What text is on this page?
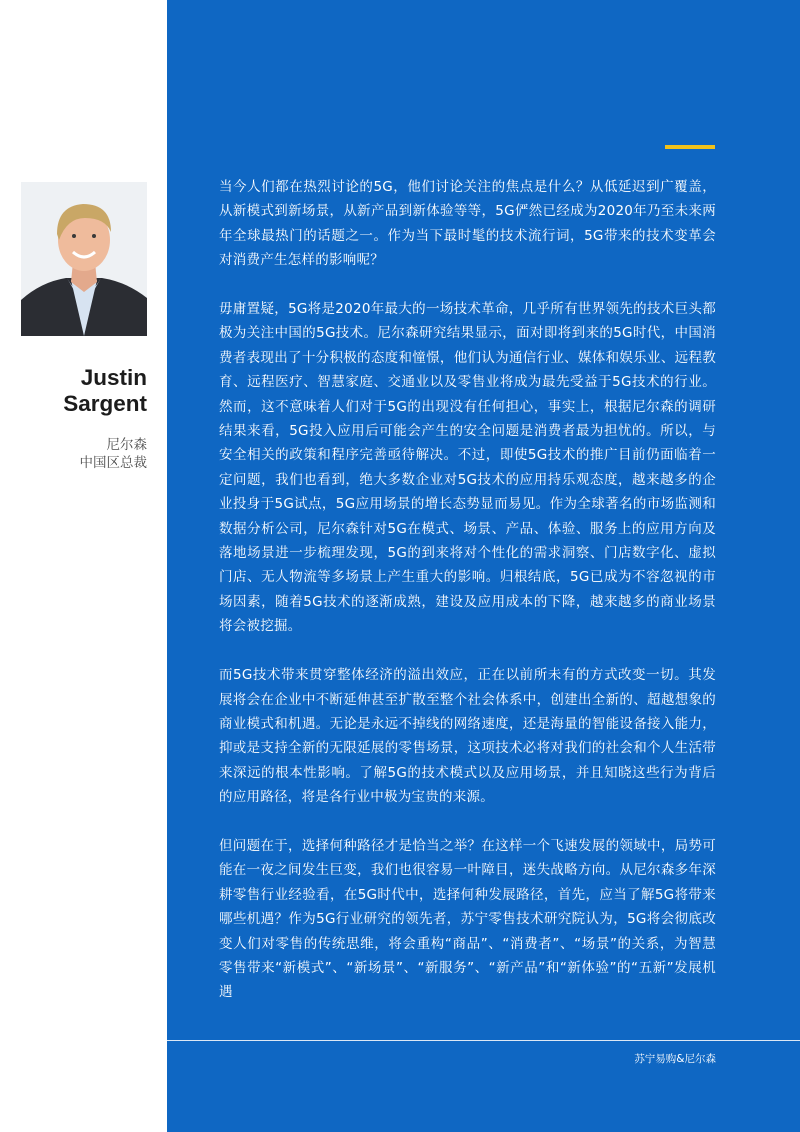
Justin
Sargent
尼尔森
中国区总裁

当今人们都在热烈讨论的5G，他们讨论关注的焦点是什么？从低延迟到广覆盖，从新模式到新场景，从新产品到新体验等等，5G俨然已经成为2020年乃至未来两年全球最热门的话题之一。作为当下最时髦的技术流行词，5G带来的技术变革会对消费产生怎样的影响呢？

毋庸置疑，5G将是2020年最大的一场技术革命，几乎所有世界领先的技术巨头都极为关注中国的5G技术。尼尔森研究结果显示，面对即将到来的5G时代，中国消费者表现出了十分积极的态度和憧憬，他们认为通信行业、媒体和娱乐业、远程教育、远程医疗、智慧家庭、交通业以及零售业将成为最先受益于5G技术的行业。然而，这不意味着人们对于5G的出现没有任何担心，事实上，根据尼尔森的调研结果来看，5G投入应用后可能会产生的安全问题是消费者最为担忧的。所以，与安全相关的政策和程序完善亟待解决。不过，即使5G技术的推广目前仍面临着一定问题，我们也看到，绝大多数企业对5G技术的应用持乐观态度，越来越多的企业投身于5G试点，5G应用场景的增长态势显而易见。作为全球著名的市场监测和数据分析公司，尼尔森针对5G在模式、场景、产品、体验、服务上的应用方向及落地场景进一步梳理发现，5G的到来将对个性化的需求洞察、门店数字化、虚拟门店、无人物流等多场景上产生重大的影响。归根结底，5G已成为不容忽视的市场因素，随着5G技术的逐渐成熟，建设及应用成本的下降，越来越多的商业场景将会被挖掘。

而5G技术带来贯穿整体经济的溢出效应，正在以前所未有的方式改变一切。其发展将会在企业中不断延伸甚至扩散至整个社会体系中，创建出全新的、超越想象的商业模式和机遇。无论是永远不掉线的网络速度，还是海量的智能设备接入能力，抑或是支持全新的无限延展的零售场景，这项技术必将对我们的社会和个人生活带来深远的根本性影响。了解5G的技术模式以及应用场景，并且知晓这些行为背后的应用路径，将是各行业中极为宝贵的来源。

但问题在于，选择何种路径才是恰当之举？在这样一个飞速发展的领域中，局势可能在一夜之间发生巨变，我们也很容易一叶障目，迷失战略方向。从尼尔森多年深耕零售行业经验看，在5G时代中，选择何种发展路径，首先，应当了解5G将带来哪些机遇？作为5G行业研究的领先者，苏宁零售技术研究院认为，5G将会彻底改变人们对零售的传统思维，将会重构“商品”、“消费者”、“场景”的关系，为智慧零售带来“新模式”、“新场景”、“新服务”、“新产品”和“新体验”的“五新”发展机遇

苏宁易购&尼尔森
